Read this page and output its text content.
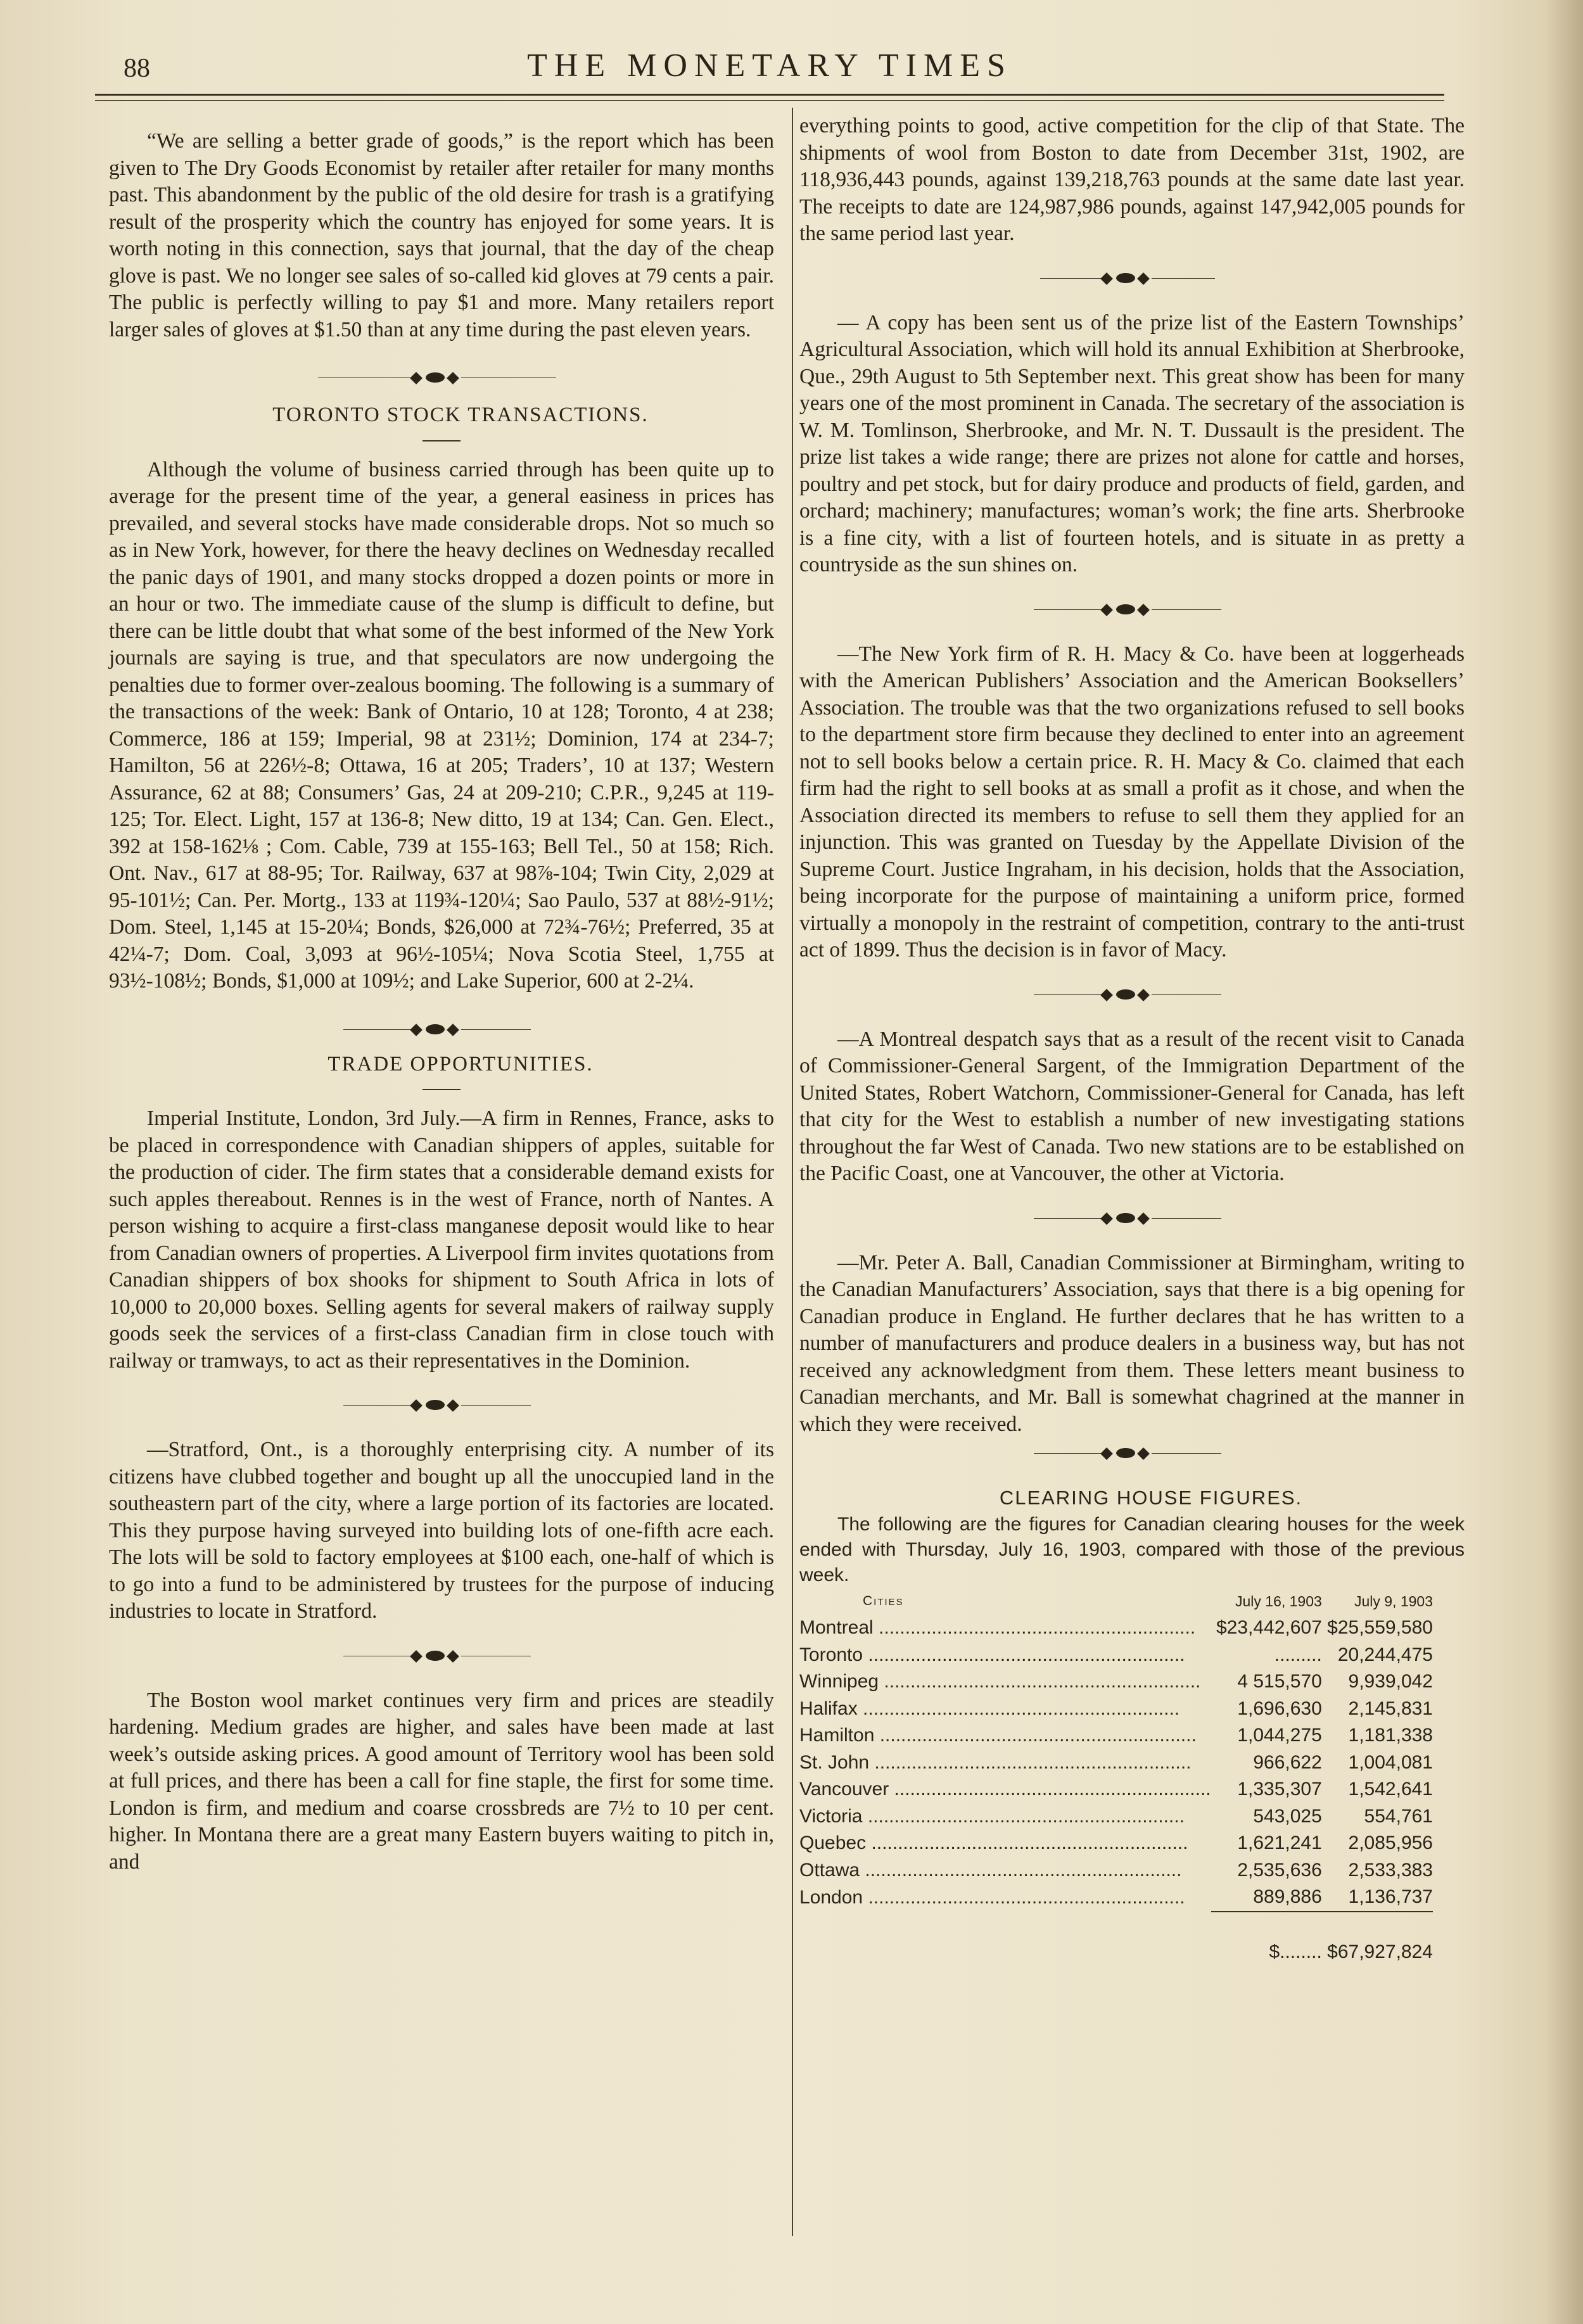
88	THE MONETARY TIMES

“We are selling a better grade of goods,” is the report which has been given to The Dry Goods Economist by retailer after retailer for many months past. This abandonment by the public of the old desire for trash is a gratifying result of the prosperity which the country has enjoyed for some years. It is worth noting in this connection, says that journal, that the day of the cheap glove is past. We no longer see sales of so-called kid gloves at 79 cents a pair. The public is perfectly willing to pay $1 and more. Many retailers report larger sales of gloves at $1.50 than at any time during the past eleven years.

TORONTO STOCK TRANSACTIONS.

Although the volume of business carried through has been quite up to average for the present time of the year, a general easiness in prices has prevailed, and several stocks have made considerable drops. Not so much so as in New York, however, for there the heavy declines on Wednesday recalled the panic days of 1901, and many stocks dropped a dozen points or more in an hour or two. The immediate cause of the slump is difficult to define, but there can be little doubt that what some of the best informed of the New York journals are saying is true, and that speculators are now undergoing the penalties due to former over-zealous booming. The following is a summary of the transactions of the week: Bank of Ontario, 10 at 128; Toronto, 4 at 238; Commerce, 186 at 159; Imperial, 98 at 231½; Dominion, 174 at 234-7; Hamilton, 56 at 226½-8; Ottawa, 16 at 205; Traders’, 10 at 137; Western Assurance, 62 at 88; Consumers’ Gas, 24 at 209-210; C.P.R., 9,245 at 119-125; Tor. Elect. Light, 157 at 136-8; New ditto, 19 at 134; Can. Gen. Elect., 392 at 158-162⅛ ; Com. Cable, 739 at 155-163; Bell Tel., 50 at 158; Rich. Ont. Nav., 617 at 88-95; Tor. Railway, 637 at 98⅞-104; Twin City, 2,029 at 95-101½; Can. Per. Mortg., 133 at 119¾-120¼; Sao Paulo, 537 at 88½-91½; Dom. Steel, 1,145 at 15-20¼; Bonds, $26,000 at 72¾-76½; Preferred, 35 at 42¼-7; Dom. Coal, 3,093 at 96½-105¼; Nova Scotia Steel, 1,755 at 93½-108½; Bonds, $1,000 at 109½; and Lake Superior, 600 at 2-2¼.

TRADE OPPORTUNITIES.

Imperial Institute, London, 3rd July.—A firm in Rennes, France, asks to be placed in correspondence with Canadian shippers of apples, suitable for the production of cider. The firm states that a considerable demand exists for such apples thereabout. Rennes is in the west of France, north of Nantes. A person wishing to acquire a first-class manganese deposit would like to hear from Canadian owners of properties. A Liverpool firm invites quotations from Canadian shippers of box shooks for shipment to South Africa in lots of 10,000 to 20,000 boxes. Selling agents for several makers of railway supply goods seek the services of a first-class Canadian firm in close touch with railway or tramways, to act as their representatives in the Dominion.

—Stratford, Ont., is a thoroughly enterprising city. A number of its citizens have clubbed together and bought up all the unoccupied land in the southeastern part of the city, where a large portion of its factories are located. This they purpose having surveyed into building lots of one-fifth acre each. The lots will be sold to factory employees at $100 each, one-half of which is to go into a fund to be administered by trustees for the purpose of inducing industries to locate in Stratford.

The Boston wool market continues very firm and prices are steadily hardening. Medium grades are higher, and sales have been made at last week’s outside asking prices. A good amount of Territory wool has been sold at full prices, and there has been a call for fine staple, the first for some time. London is firm, and medium and coarse crossbreds are 7½ to 10 per cent. higher. In Montana there are a great many Eastern buyers waiting to pitch in, and

everything points to good, active competition for the clip of that State. The shipments of wool from Boston to date from December 31st, 1902, are 118,936,443 pounds, against 139,218,763 pounds at the same date last year. The receipts to date are 124,987,986 pounds, against 147,942,005 pounds for the same period last year.

— A copy has been sent us of the prize list of the Eastern Townships’ Agricultural Association, which will hold its annual Exhibition at Sherbrooke, Que., 29th August to 5th September next. This great show has been for many years one of the most prominent in Canada. The secretary of the association is W. M. Tomlinson, Sherbrooke, and Mr. N. T. Dussault is the president. The prize list takes a wide range; there are prizes not alone for cattle and horses, poultry and pet stock, but for dairy produce and products of field, garden, and orchard; machinery; manufactures; woman’s work; the fine arts. Sherbrooke is a fine city, with a list of fourteen hotels, and is situate in as pretty a countryside as the sun shines on.

—The New York firm of R. H. Macy & Co. have been at loggerheads with the American Publishers’ Association and the American Booksellers’ Association. The trouble was that the two organizations refused to sell books to the department store firm because they declined to enter into an agreement not to sell books below a certain price. R. H. Macy & Co. claimed that each firm had the right to sell books at as small a profit as it chose, and when the Association directed its members to refuse to sell them they applied for an injunction. This was granted on Tuesday by the Appellate Division of the Supreme Court. Justice Ingraham, in his decision, holds that the Association, being incorporate for the purpose of maintaining a uniform price, formed virtually a monopoly in the restraint of competition, contrary to the anti-trust act of 1899. Thus the decision is in favor of Macy.

—A Montreal despatch says that as a result of the recent visit to Canada of Commissioner-General Sargent, of the Immigration Department of the United States, Robert Watchorn, Commissioner-General for Canada, has left that city for the West to establish a number of new investigating stations throughout the far West of Canada. Two new stations are to be established on the Pacific Coast, one at Vancouver, the other at Victoria.

—Mr. Peter A. Ball, Canadian Commissioner at Birmingham, writing to the Canadian Manufacturers’ Association, says that there is a big opening for Canadian produce in England. He further declares that he has written to a number of manufacturers and produce dealers in a business way, but has not received any acknowledgment from them. These letters meant business to Canadian merchants, and Mr. Ball is somewhat chagrined at the manner in which they were received.

CLEARING HOUSE FIGURES.

The following are the figures for Canadian clearing houses for the week ended with Thursday, July 16, 1903, compared with those of the previous week.

Cities	July 16, 1903	July 9, 1903
Montreal ............................................................	$23,442,607	$25,559,580
Toronto ............................................................	.........	20,244,475
Winnipeg ............................................................	4 515,570	9,939,042
Halifax ............................................................	1,696,630	2,145,831
Hamilton ............................................................	1,044,275	1,181,338
St. John ............................................................	966,622	1,004,081
Vancouver ............................................................	1,335,307	1,542,641
Victoria ............................................................	543,025	554,761
Quebec ............................................................	1,621,241	2,085,956
Ottawa ............................................................	2,535,636	2,533,383
London ............................................................	889,886	1,136,737

	$........	$67,927,824
